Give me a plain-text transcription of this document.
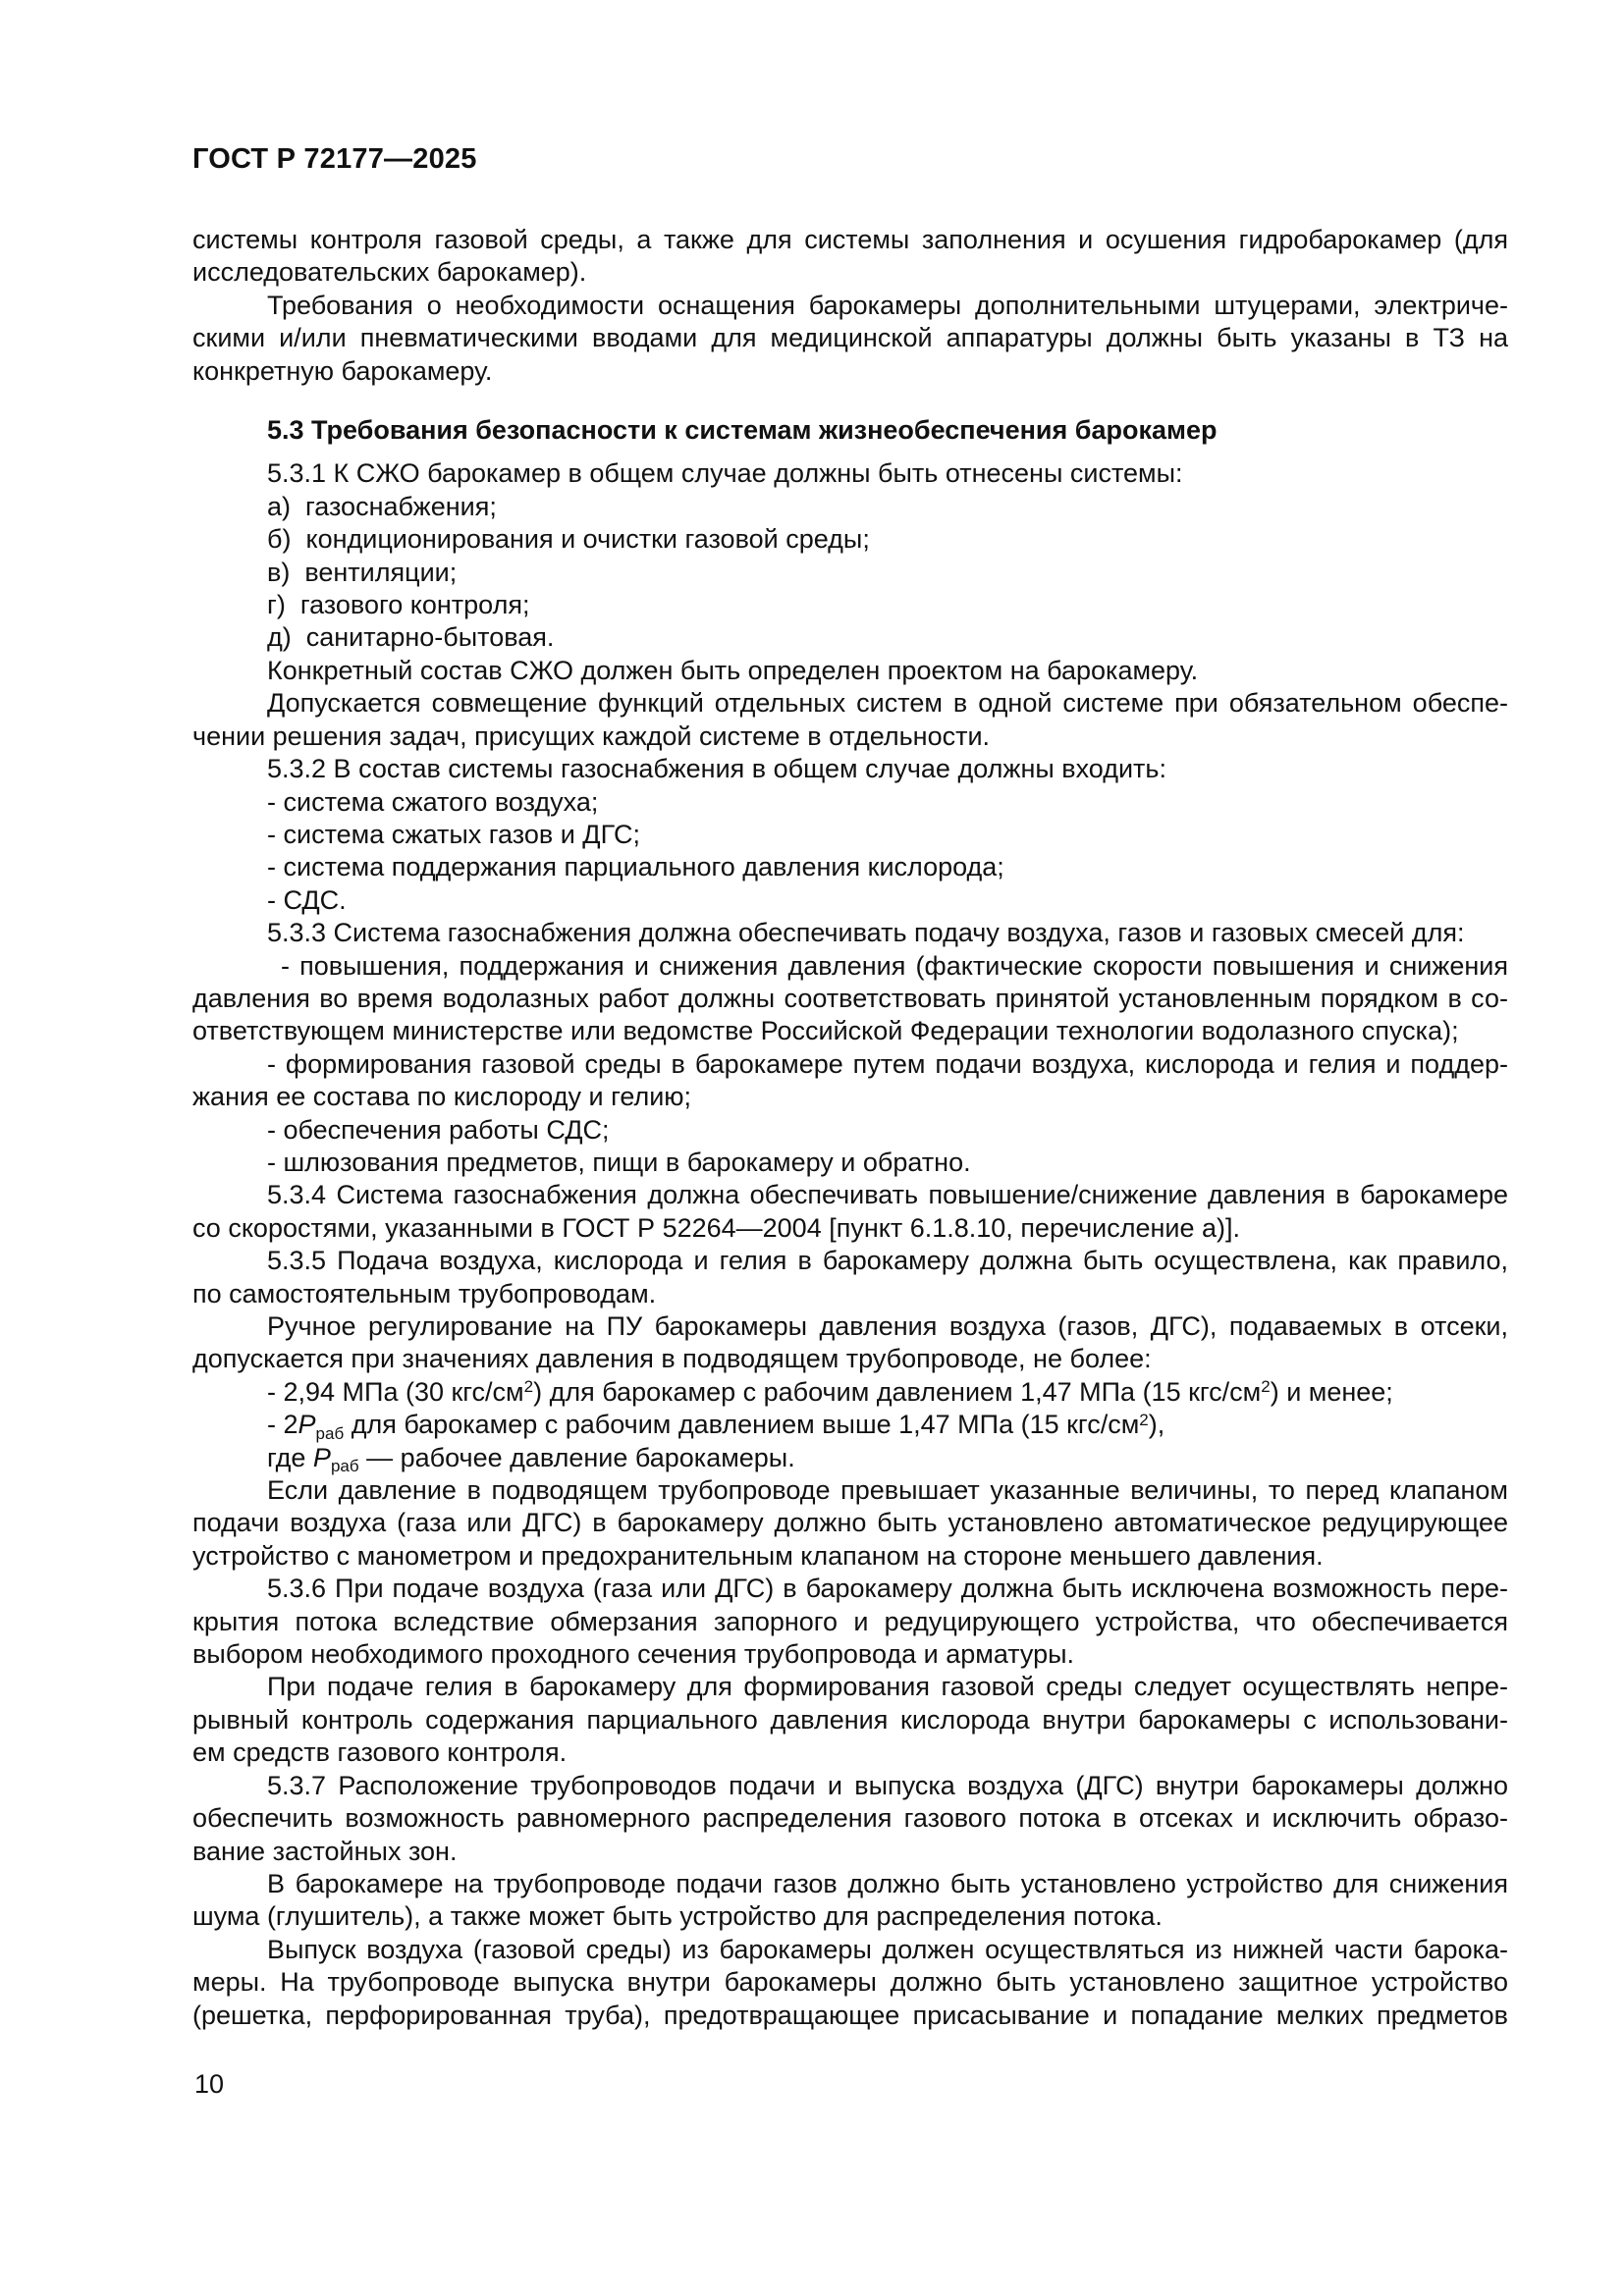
ГОСТ Р 72177—2025
системы контроля газовой среды, а также для системы заполнения и осушения гидробарокамер (для
исследовательских барокамер).
Требования о необходимости оснащения барокамеры дополнительными штуцерами, электриче-
скими и/или пневматическими вводами для медицинской аппаратуры должны быть указаны в ТЗ на
конкретную барокамеру.
5.3 Требования безопасности к системам жизнеобеспечения барокамер
5.3.1 К СЖО барокамер в общем случае должны быть отнесены системы:
а)  газоснабжения;
б)  кондиционирования и очистки газовой среды;
в)  вентиляции;
г)  газового контроля;
д)  санитарно-бытовая.
Конкретный состав СЖО должен быть определен проектом на барокамеру.
Допускается совмещение функций отдельных систем в одной системе при обязательном обеспе-
чении решения задач, присущих каждой системе в отдельности.
5.3.2 В состав системы газоснабжения в общем случае должны входить:
- система сжатого воздуха;
- система сжатых газов и ДГС;
- система поддержания парциального давления кислорода;
- СДС.
5.3.3 Система газоснабжения должна обеспечивать подачу воздуха, газов и газовых смесей для:
- повышения, поддержания и снижения давления (фактические скорости повышения и снижения
давления во время водолазных работ должны соответствовать принятой установленным порядком в со-
ответствующем министерстве или ведомстве Российской Федерации технологии водолазного спуска);
- формирования газовой среды в барокамере путем подачи воздуха, кислорода и гелия и поддер-
жания ее состава по кислороду и гелию;
- обеспечения работы СДС;
- шлюзования предметов, пищи в барокамеру и обратно.
5.3.4 Система газоснабжения должна обеспечивать повышение/снижение давления в барокамере
со скоростями, указанными в ГОСТ Р 52264—2004 [пункт 6.1.8.10, перечисление а)].
5.3.5 Подача воздуха, кислорода и гелия в барокамеру должна быть осуществлена, как правило,
по самостоятельным трубопроводам.
Ручное регулирование на ПУ барокамеры давления воздуха (газов, ДГС), подаваемых в отсеки,
допускается при значениях давления в подводящем трубопроводе, не более:
- 2,94 МПа (30 кгс/$см^2$) для барокамер с рабочим давлением 1,47 МПа (15 кгс/$см^2$) и менее;
- $2P_{раб}$ для барокамер с рабочим давлением выше 1,47 МПа (15 кгс/$см^2$),
где $P_{раб}$ — рабочее давление барокамеры.
Если давление в подводящем трубопроводе превышает указанные величины, то перед клапаном
подачи воздуха (газа или ДГС) в барокамеру должно быть установлено автоматическое редуцирующее
устройство с манометром и предохранительным клапаном на стороне меньшего давления.
5.3.6 При подаче воздуха (газа или ДГС) в барокамеру должна быть исключена возможность пере-
крытия потока вследствие обмерзания запорного и редуцирующего устройства, что обеспечивается
выбором необходимого проходного сечения трубопровода и арматуры.
При подаче гелия в барокамеру для формирования газовой среды следует осуществлять непре-
рывный контроль содержания парциального давления кислорода внутри барокамеры с использовани-
ем средств газового контроля.
5.3.7 Расположение трубопроводов подачи и выпуска воздуха (ДГС) внутри барокамеры должно
обеспечить возможность равномерного распределения газового потока в отсеках и исключить образо-
вание застойных зон.
В барокамере на трубопроводе подачи газов должно быть установлено устройство для снижения
шума (глушитель), а также может быть устройство для распределения потока.
Выпуск воздуха (газовой среды) из барокамеры должен осуществляться из нижней части барока-
меры. На трубопроводе выпуска внутри барокамеры должно быть установлено защитное устройство
(решетка, перфорированная труба), предотвращающее присасывание и попадание мелких предметов
10
